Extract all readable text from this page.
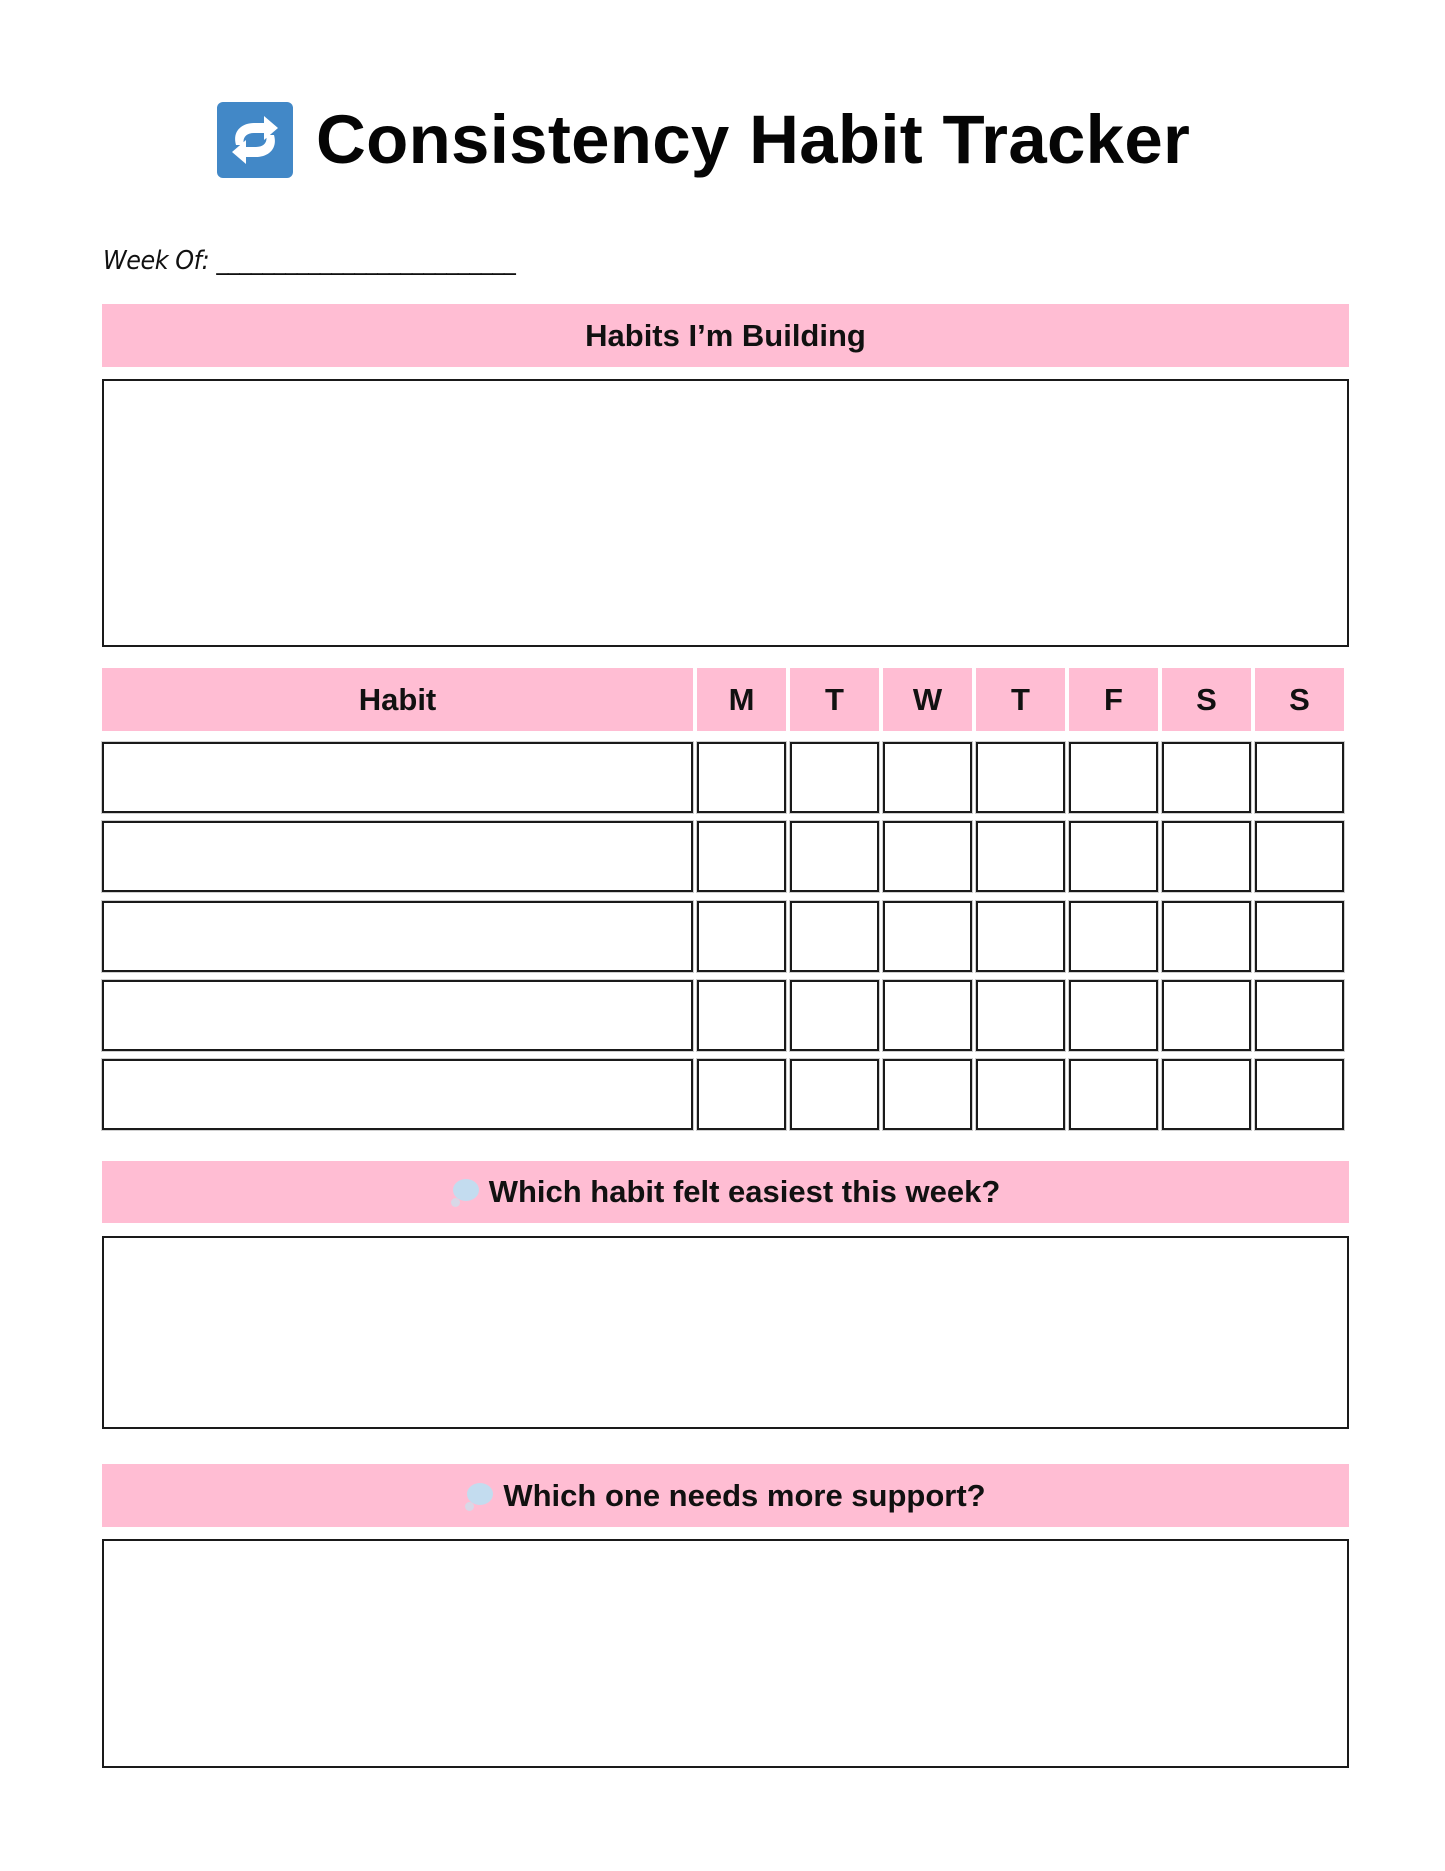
Consistency Habit Tracker
Week Of: __________________________
Habits I’m Building
Habit	M T W T F S S
Which habit felt easiest this week?
Which one needs more support?
